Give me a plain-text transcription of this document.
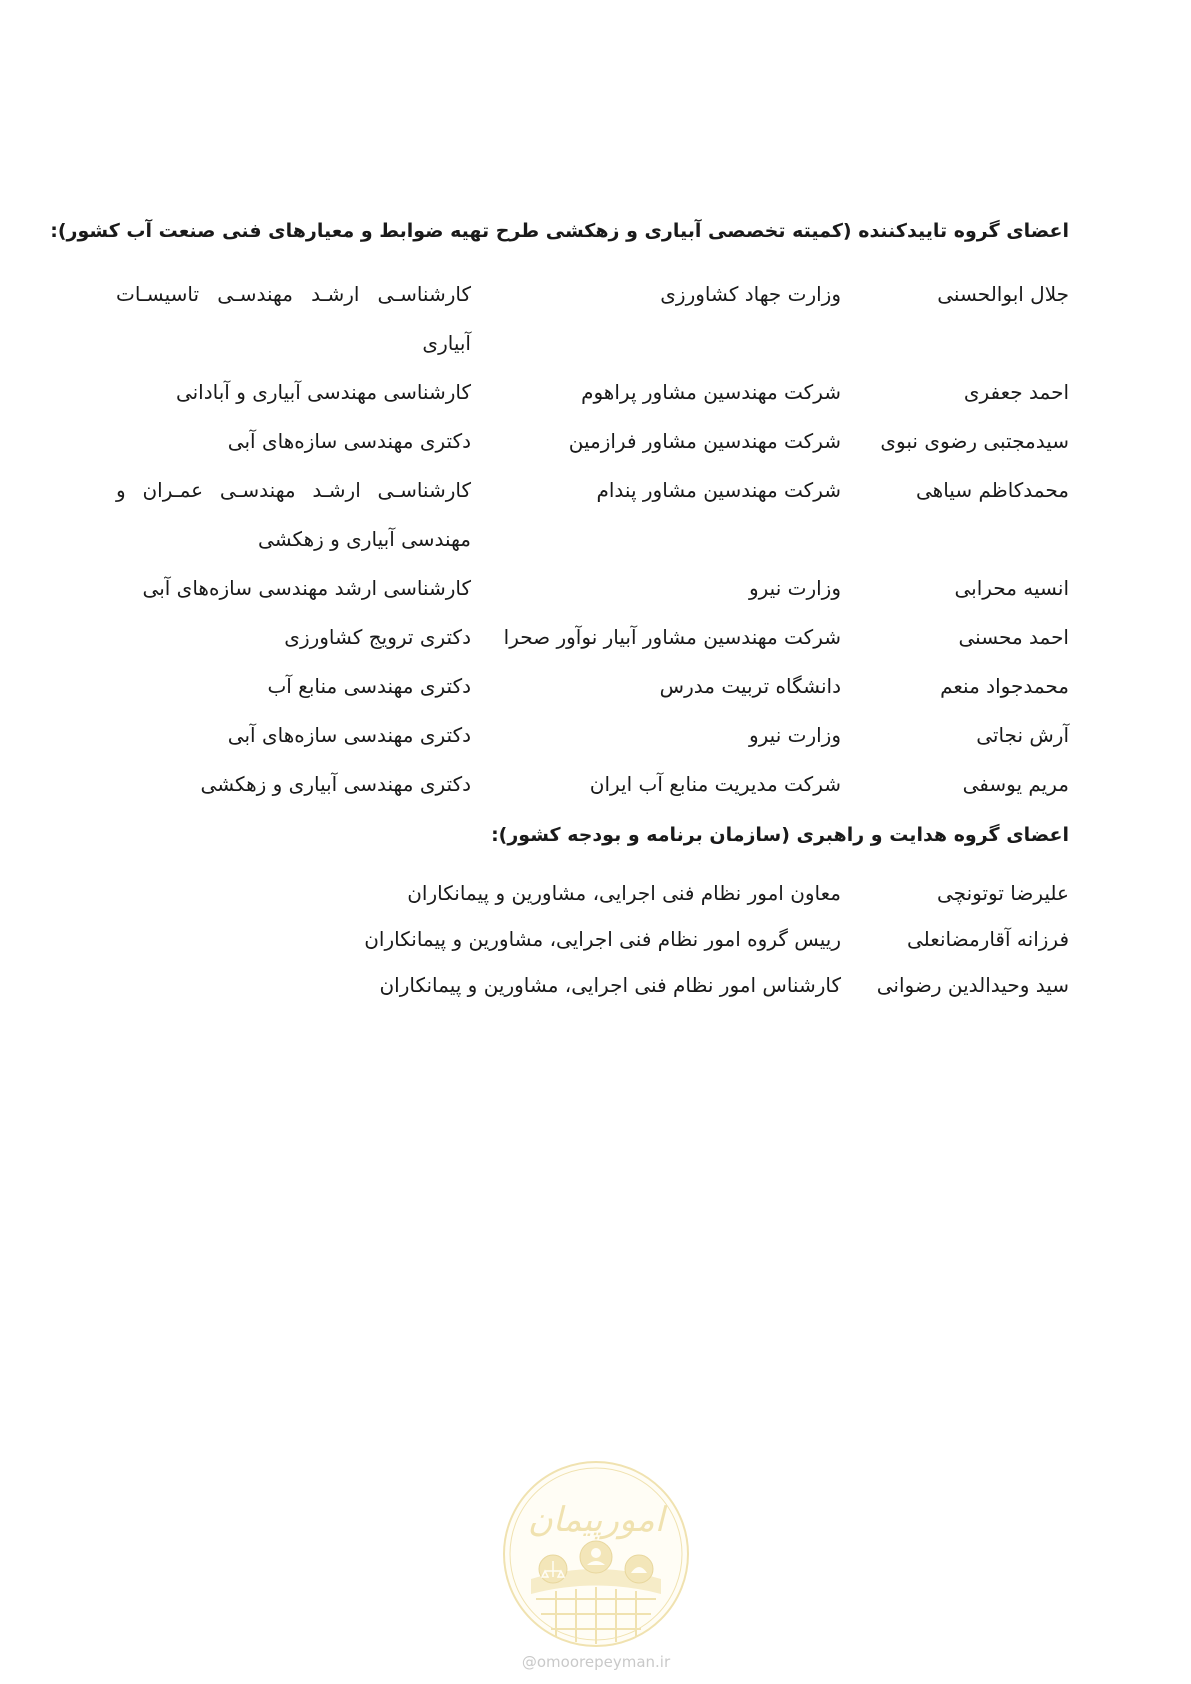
اعضای گروه تاییدکننده (کمیته تخصصی آبیاری و زهکشی طرح تهیه ضوابط و معیارهای فنی صنعت آب کشور):
جلال ابوالحسنی
وزارت جهاد کشاورزی
کارشناسـی ارشـد مهندسـی تاسیسـات آبیاری
احمد جعفری
شرکت مهندسین مشاور پراهوم
کارشناسی مهندسی آبیاری و آبادانی
سیدمجتبی رضوی نبوی
شرکت مهندسین مشاور فرازمین
دکتری مهندسی سازه‌های آبی
محمدکاظم سیاهی
شرکت مهندسین مشاور پندام
کارشناسـی ارشـد مهندسـی عمـران و مهندسی آبیاری و زهکشی
انسیه محرابی
وزارت نیرو
کارشناسی ارشد مهندسی سازه‌های آبی
احمد محسنی
شرکت مهندسین مشاور آبیار نوآور صحرا
دکتری ترویج کشاورزی
محمدجواد منعم
دانشگاه تربیت مدرس
دکتری مهندسی منابع آب
آرش نجاتی
وزارت نیرو
دکتری مهندسی سازه‌های آبی
مریم یوسفی
شرکت مدیریت منابع آب ایران
دکتری مهندسی آبیاری و زهکشی
اعضای گروه هدایت و راهبری (سازمان برنامه و بودجه کشور):
علیرضا توتونچی
معاون امور نظام فنی اجرایی، مشاورین و پیمانکاران
فرزانه آقارمضانعلی
رییس گروه امور نظام فنی اجرایی، مشاورین و پیمانکاران
سید وحیدالدین رضوانی
کارشناس امور نظام فنی اجرایی، مشاورین و پیمانکاران
امورپیمان
@omoorepeyman.ir
